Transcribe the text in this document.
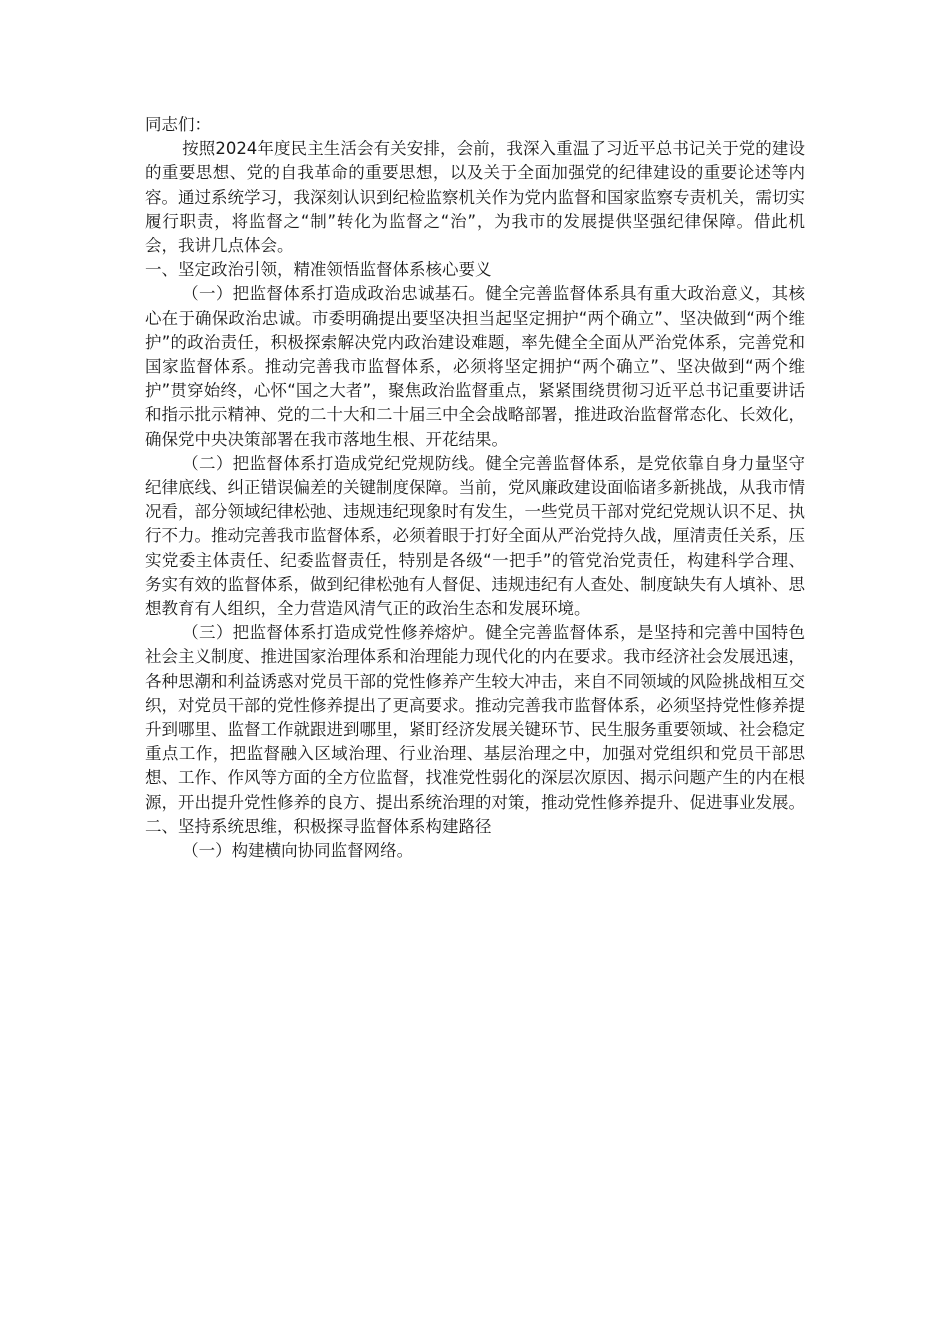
同志们：

按照2024年度民主生活会有关安排，会前，我深入重温了习近平总书记关于党的建设的重要思想、党的自我革命的重要思想，以及关于全面加强党的纪律建设的重要论述等内容。通过系统学习，我深刻认识到纪检监察机关作为党内监督和国家监察专责机关，需切实履行职责，将监督之“制”转化为监督之“治”，为我市的发展提供坚强纪律保障。借此机会，我讲几点体会。

一、坚定政治引领，精准领悟监督体系核心要义

（一）把监督体系打造成政治忠诚基石。健全完善监督体系具有重大政治意义，其核心在于确保政治忠诚。市委明确提出要坚决担当起坚定拥护“两个确立”、坚决做到“两个维护”的政治责任，积极探索解决党内政治建设难题，率先健全全面从严治党体系，完善党和国家监督体系。推动完善我市监督体系，必须将坚定拥护“两个确立”、坚决做到“两个维护”贯穿始终，心怀“国之大者”，聚焦政治监督重点，紧紧围绕贯彻习近平总书记重要讲话和指示批示精神、党的二十大和二十届三中全会战略部署，推进政治监督常态化、长效化，确保党中央决策部署在我市落地生根、开花结果。

（二）把监督体系打造成党纪党规防线。健全完善监督体系，是党依靠自身力量坚守纪律底线、纠正错误偏差的关键制度保障。当前，党风廉政建设面临诸多新挑战，从我市情况看，部分领域纪律松弛、违规违纪现象时有发生，一些党员干部对党纪党规认识不足、执行不力。推动完善我市监督体系，必须着眼于打好全面从严治党持久战，厘清责任关系，压实党委主体责任、纪委监督责任，特别是各级“一把手”的管党治党责任，构建科学合理、务实有效的监督体系，做到纪律松弛有人督促、违规违纪有人查处、制度缺失有人填补、思想教育有人组织，全力营造风清气正的政治生态和发展环境。

（三）把监督体系打造成党性修养熔炉。健全完善监督体系，是坚持和完善中国特色社会主义制度、推进国家治理体系和治理能力现代化的内在要求。我市经济社会发展迅速，各种思潮和利益诱惑对党员干部的党性修养产生较大冲击，来自不同领域的风险挑战相互交织，对党员干部的党性修养提出了更高要求。推动完善我市监督体系，必须坚持党性修养提升到哪里、监督工作就跟进到哪里，紧盯经济发展关键环节、民生服务重要领域、社会稳定重点工作，把监督融入区域治理、行业治理、基层治理之中，加强对党组织和党员干部思想、工作、作风等方面的全方位监督，找准党性弱化的深层次原因、揭示问题产生的内在根源，开出提升党性修养的良方、提出系统治理的对策，推动党性修养提升、促进事业发展。

二、坚持系统思维，积极探寻监督体系构建路径

（一）构建横向协同监督网络。
